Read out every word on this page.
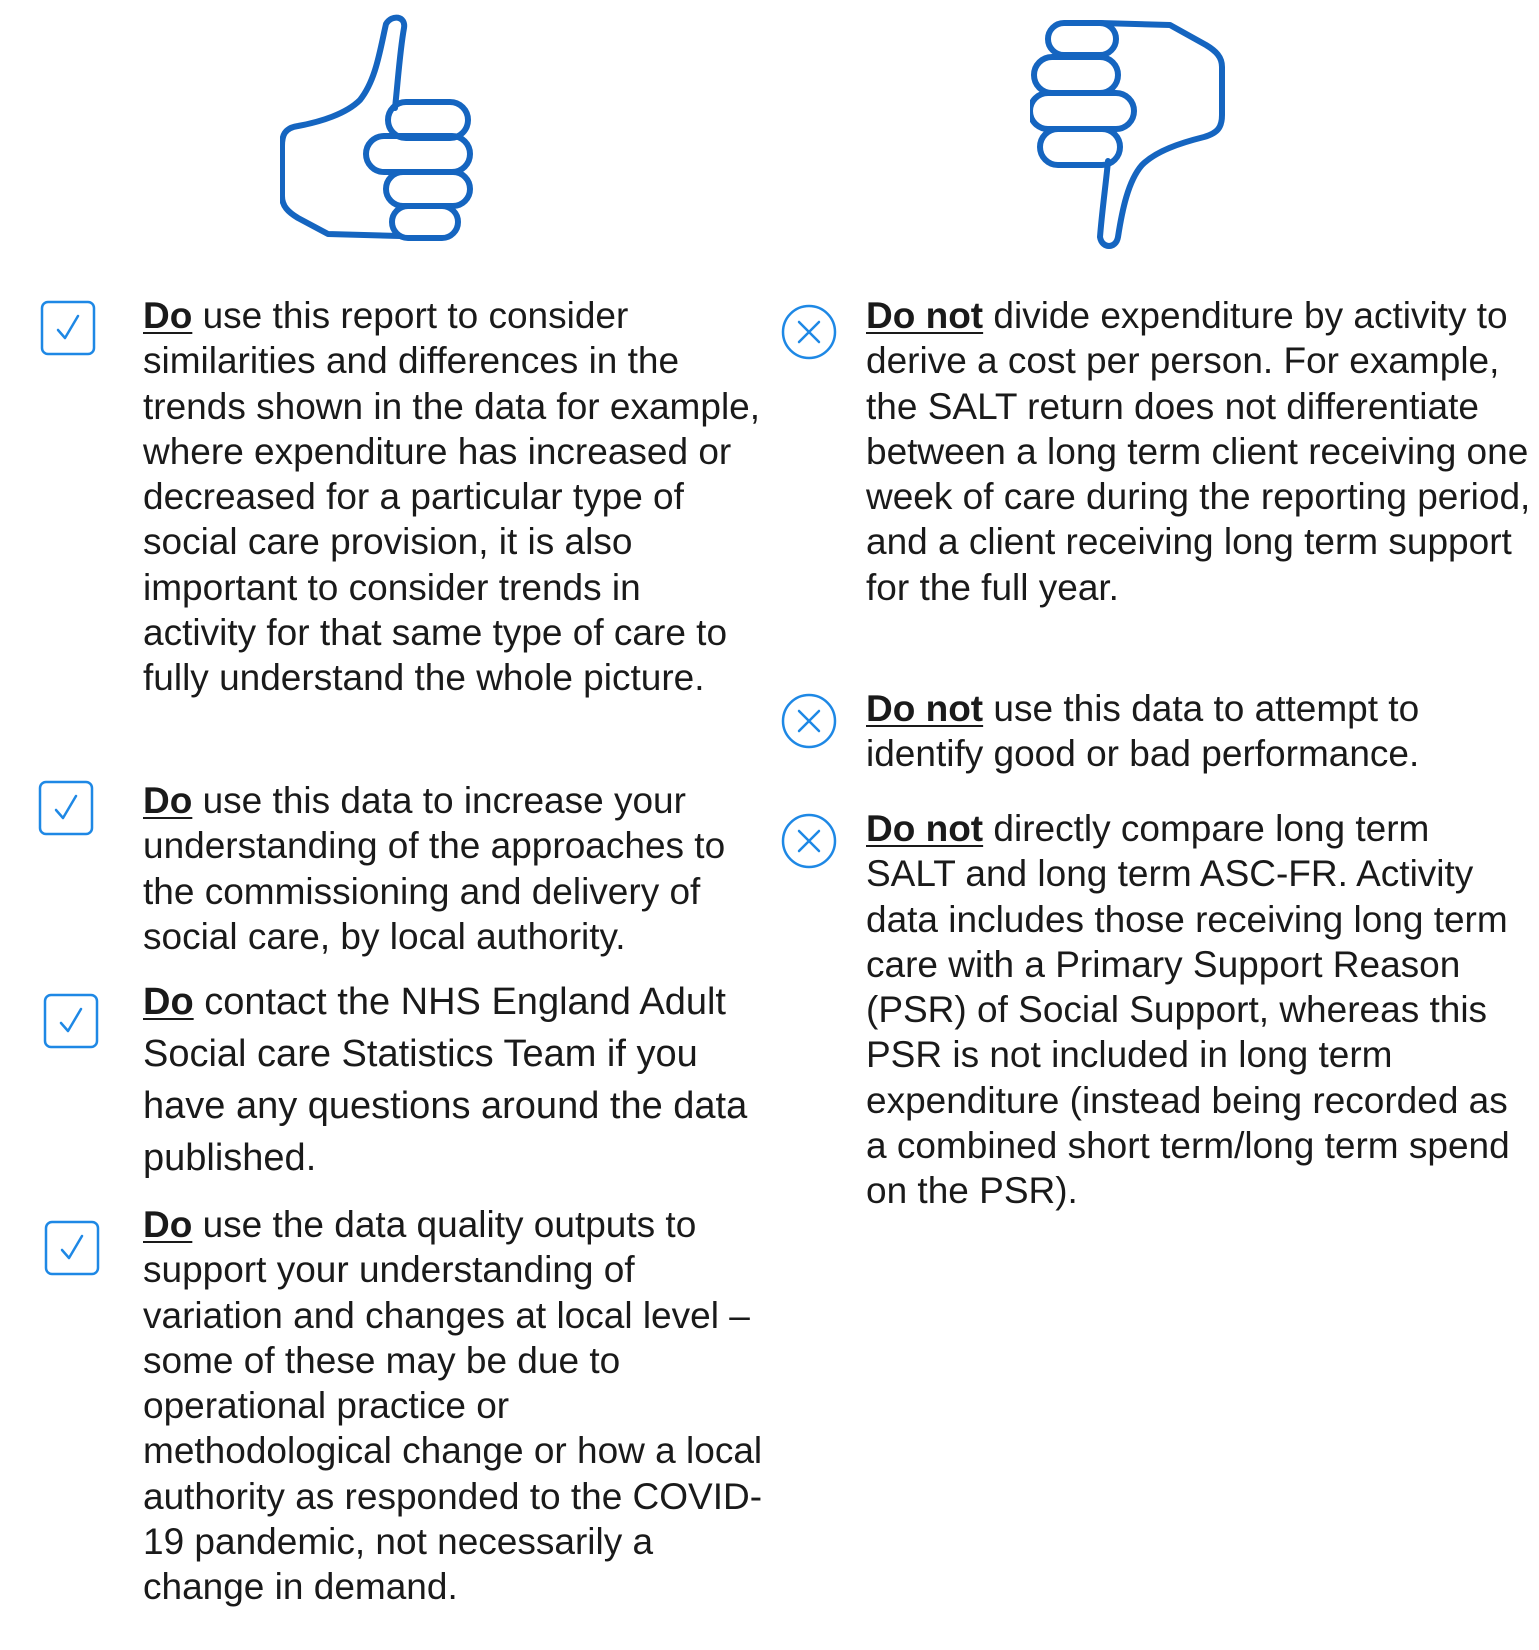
Do use this report to consider similarities and differences in the trends shown in the data for example, where expenditure has increased or decreased for a particular type of social care provision, it is also important to consider trends in activity for that same type of care to fully understand the whole picture.

Do use this data to increase your understanding of the approaches to the commissioning and delivery of social care, by local authority.

Do contact the NHS England Adult Social care Statistics Team if you have any questions around the data published.

Do use the data quality outputs to support your understanding of variation and changes at local level – some of these may be due to operational practice or methodological change or how a local authority as responded to the COVID-19 pandemic, not necessarily a change in demand.

Do not divide expenditure by activity to derive a cost per person. For example, the SALT return does not differentiate between a long term client receiving one week of care during the reporting period, and a client receiving long term support for the full year.

Do not use this data to attempt to identify good or bad performance.

Do not directly compare long term SALT and long term ASC-FR. Activity data includes those receiving long term care with a Primary Support Reason (PSR) of Social Support, whereas this PSR is not included in long term expenditure (instead being recorded as a combined short term/long term spend on the PSR).
